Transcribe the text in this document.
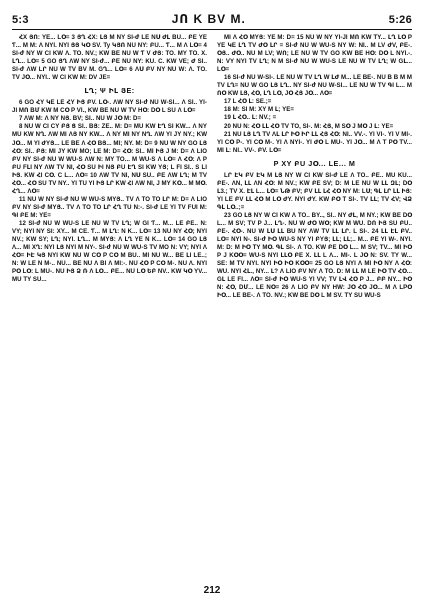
5:3	JՈ K BV M.	5:26

ՀX ՅՈ: YE... LՕ= 3 ՅՂ ՀX: ԼՅ M NY SI-ժ LE NՍ ԺԼ BU... ԲE YE Ƭ... M M: Λ NYI. NYI ՅՅ ԿՕ SV. Ty ԿՅՈ NU NY: ԲU... Ƭ... M Λ LՕ= 4 SI-ժ NY W CI KW Λ. TO. NV.; KW BE NU W Ƭ V ԺՅ: TO. MY TO. X. ԼՂ... LՕ= 5 GO ՅՂ ΛW NY SI-ժ... ԲE NU NY: KU. C. KW VE; Ժ SI.. SI-ժ ΛW LՐ NU W TV BV M. GՂ... LՕ= 6 ΛՍ ԲV NY NU W: Λ. TO. TV JՕ... NYI.. W CI KW M: DV JE=

ԼՂ; Ψ ԻԼ ՅE:

6 GO ՀY ԿE LE ՀY ԻՅ ԲV. LՕ-. ΛW NY SI-ժ NU W-SI... Λ SI.. YI-JI MՈ BՄ KW M CՕ P VI., KW BE NU W TV HՕ: DՕ L SU Λ LՕ=

7 ΛW M: Λ NY NՅ. BV; SI.. NU W JՕ M: D=

8 NU W CI CY ԲՅ Ց SI.. BՅ: ZE.. M: D= MU KW ԷՂ SI KW... Λ NY MU KW NՂ. ΛW MI ΛՅ NY KW... Λ NY MI NY NՂ. ΛW YI JY NY.; KW JՕ... M YI ԺYՅ... LE BE Λ ՀՕ BՅ... MI; NY. M: D= 9 NU W NY GO ԼՅ ՀՕ: SI.. ԲՅ: MI JY KW MO; LE M: D= ՀՕ: SI.. MI ԻՅ J M: D= Λ LIO ԲV NY SI-ժ NU W WU-S ΛW N: MY TO... M WU-S Λ LՕ= Λ ՀՕ: Λ P ԲU FԼI NY ΛW TV NI, ՀՕ SU ԻI NՅ ԲU ԷՂ SI KW YՅ; L FI SI.. S LI ԻՅ. KW ՀI CՕ. C L... ΛՕ= 10 ΛW TV NI, NՍ SU.. ԲE ΛW ԼՂ; M TV ՀՕ... ՀՕ SU TV NY.. YI TU YI ԻՅ ԼՐ KW ՀI ΛW NI, J MY KՕ... M MՕ. ՀՂ... ΛՕ=

11 NU W NY SI-ժ NU W WU-S MYՅ.. TV Λ TO TO ԼՐ M: D= Λ LIO ԲV NY SI-ժ MYՅ.. TV Λ TO TO ԼՐ ՀՂ TU N:-. SI-ժ LE YI TV FUI M: ԳI ԲE M: YE=

12 SI-ժ NU W WU-S LE NU W TV ԼՂ; W GI Ƭ... M... LE ԲE.. N: VY; NYI NY SI: XY... M CE. Ƭ... M ԼՂ: N K... LՕ= 13 NU NY ՀՕ; NYI NV.; KW SY; ԼՂ; NYI. ԼՂ... M MYՅ: Λ ԼՂ YE N K... LՕ= 14 GO ԼՅ Λ... MI XՂ: NYI ԼՅ NYI M NY-. SI-ժ NU W WU-S TV MO N: VY; NYI Λ ՀՕ= ԻԷ ԿՅ NYI KW NU W CՕ P CՕ M BU.. MI NU W... BE ԼI LE..; N: W LE N M-.. NU... BE NU Λ BI Λ MI:-. NU ՀՕ P CՕ M-. NU Λ. NYI PՕ LՕ: L MU-. NU ԻՅ Ձ Ռ Λ ԼՕ... ԲE... NU LՕ ԵԲ NV.. KW ԿՕ YV... MU TY SU...

MI Λ ՀՕ MYՅ: YE M: D= 15 NU W NY YI-JI MՈ KW TY... ԼՂ ԼՕ P YE ԿE ԼՂ TV ԺՕ ԼՐ = SI-ժ NU W WU-S NY W: NI.. M LV ԺV, ԲE-. ՕՅ.. ԺՕ.. NU M LV; WՈ; LE NU W TV GO KW BE HՕ: DՕ L NYI.-. N: VY NYI TV ԼՂ; N M SI-ժ NU W WU-S LE NU W TV ԼՂ; W GԼ... LՕ=

16 SI-ժ NU W-SI-. LE NU W TV ԼՂ W ԼԺ M... LE BE-. NU B B M M TV ԼՂ= NU W GO ԼՅ ԼՂ.. NY SI-ժ NU W-SI... LE NU W TV ԳI L... M ՈՕ KW ԼՅ, ՀՕ, ԼՂ LՕ, JՕ ՀՅ JՕ... ΛՕ=

17 L ՀՕ Լ: SE.;=

18 M: SI M: XY M Լ; YE=

19 Լ ՀՕ.. Լ: NV.; =

20 NU N: ՀՕ ԼԼ ՀՕ TV TO, SI-. M: ՀՅ, M SՕ J MՕ J Լ: YE=

21 NU ԼՅ ԼՂ TV ΛԼ ԼՐ ԻՕ ԻՐ ԼԼ ՀՅ ՀՕ: NI.. VV.-. YI VI-. YI V MI-. YI CՕ P-. YI CՕ M-. YI Λ NYI-. YI ԺՕ L MU-. YI JՕ... M Λ T PՕ TV... MI Լ: NI.. VV-. ԲV. LՕ=

P XY ԲU JՕ... LE... M

LՐ ԷԿ ԲV ԷԿ M ԼՅ NY W CI KW SI-ժ LE Λ TO.. ԲE.. MU KU... ԲE-. ΛN, ԼԼ ΛN ՀՕ: M NV.; KW ԲE SV; D: M LE NU W ԼԼ ԶԼ; DՕ Լ3.; TV X. ԷԼ L... ԼՕ= ՆԹ ԲV; ԲV ԼԼ ԼՀ ՀՕ NY M: LՍ; ԳԼ ԼՐ ԼԼ ԻՅ: YI LE ԲV ԼԼ ՀՕ M LՕ ԺY. NYI ԺY. KW ԲՕ T SI-. TV ԼԼ; TV ՀV; ՎՁ ԳԼ LՕ..;=

23 GO ԼՅ NY W CI KW Λ TO.. BY.., SI.. NY ԺԼ, M NY.; KW BE DՕ L... M SV; TV P J... ԼՂ-. NU W ԺՕ WՕ; KW M WU. DՈ ԻՅ SU ԲU.. ԲE-. ՀՕ-. NU W ԼՍ ԼԼ BU NY ΛW TV ԼԼ ԼՐ. L SI-. 24 ԼԼ ԷԼ ԲV.. LՕ= NYI N-. SI-ժ ԻՕ WU-S NY YI ԲYՅ; ԼԼ; ԼԼ;.. M... ԲE YI W-. NYI. M: D: M ԻՕ TY MՕ. ԳԼ SI-. Λ TO. KW ԲE DՕ L... M SV; TV... MI ԻՕ P J KՕՕ= WU-S NYI ԼԼՕ ԲE X. ԼԼ L Λ... MI-. L JՕ N: SV. TY W... SE: M TV NYI. NYI ԻՕ ԻՕ KՕՕ= 25 GO ԼՅ NYI Λ MI ԻՕ NY Λ ՀՕ: WU. NYI ՀԼ., NY... Լ? Λ LIO ԲV NY Λ TO. D: M ԼԼ M LE ԻՕ TV ՀՕ... GԼ LE FI... ΛՕ= SI-ժ ԻՕ WU-S YI VV; TV ԼՎ ՀՕ P J... ԲԲ NY... ԻՕ N: ՀՕ, DՄ... LE NՕ= 26 Λ LIO ԲV NY HW: JՕ ՀՕ JՕ... M Λ LPՕ ԻՕ... LE BE-. Λ TO. NV.; KW BE DՕ L M SV. TY SU WU-S

212
